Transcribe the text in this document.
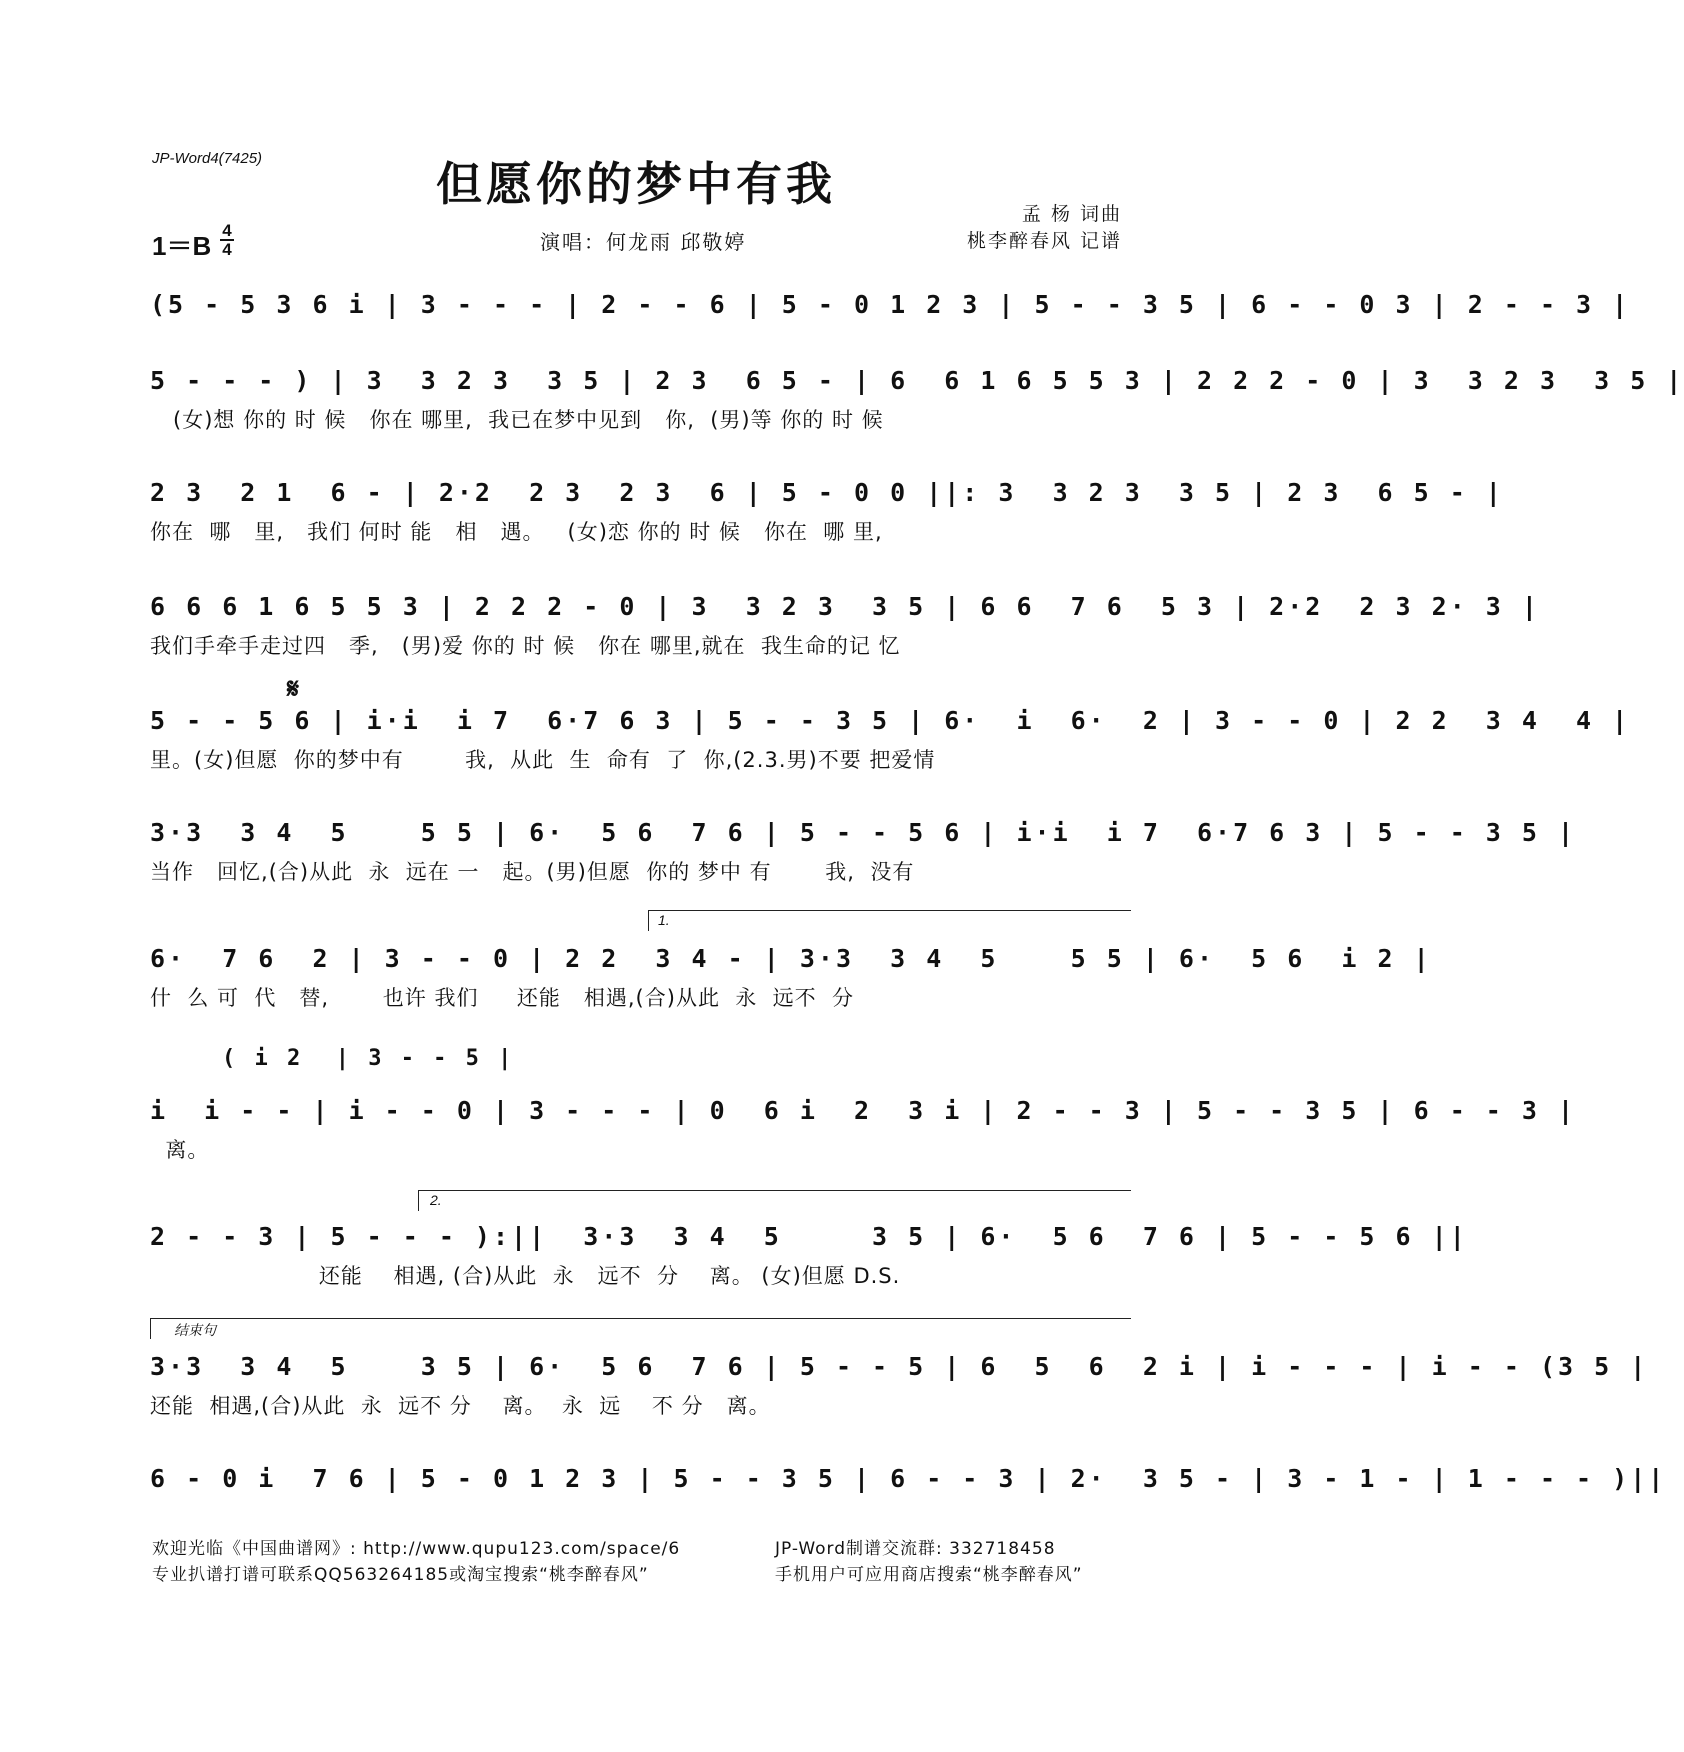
JP-Word4(7425)	但愿你的梦中有我
1＝B
4
4	演唱：何龙雨 邱敬婷
孟 杨 词曲
桃李醉春风 记谱
(5 - 5 3 6 i | 3 - - - | 2 - - 6 | 5 - 0 1 2 3 | 5 - - 3 5 | 6 - - 0 3 | 2 - - 3 |
5 - - - ) | 3  3 2 3  3 5 | 2 3  6 5 - | 6  6 1 6 5 5 3 | 2 2 2 - 0 | 3  3 2 3  3 5 |
(女)想 你的 时 候   你在 哪里,  我已在梦中见到   你,  (男)等 你的 时 候
2 3  2 1  6 - | 2·2  2 3  2 3  6 | 5 - 0 0 ||: 3  3 2 3  3 5 | 2 3  6 5 - |
你在  哪   里,   我们 何时 能   相   遇。   (女)恋 你的 时 候   你在  哪 里,
6 6 6 1 6 5 5 3 | 2 2 2 - 0 | 3  3 2 3  3 5 | 6 6  7 6  5 3 | 2·2  2 3 2· 3 |
我们手牵手走过四   季,   (男)爱 你的 时 候   你在 哪里,就在  我生命的记 忆
𝄋
5 - - 5 6 | i·i  i 7  6·7 6 3 | 5 - - 3 5 | 6·  i  6·  2 | 3 - - 0 | 2 2  3 4  4 |
里。(女)但愿  你的梦中有        我,  从此  生  命有  了  你,(2.3.男)不要 把爱情
3·3  3 4  5    5 5 | 6·  5 6  7 6 | 5 - - 5 6 | i·i  i 7  6·7 6 3 | 5 - - 3 5 |
当作   回忆,(合)从此  永  远在 一   起。(男)但愿  你的 梦中 有       我,  没有
1.
6·  7 6  2 | 3 - - 0 | 2 2  3 4 - | 3·3  3 4  5    5 5 | 6·  5 6  i 2 |
什  么 可  代   替,       也许 我们     还能   相遇,(合)从此  永  远不  分
( i 2  | 3 - - 5 |
i  i - - | i - - 0 | 3 - - - | 0  6 i  2  3 i | 2 - - 3 | 5 - - 3 5 | 6 - - 3 |
离。
2.
2 - - 3 | 5 - - - ):||  3·3  3 4  5     3 5 | 6·  5 6  7 6 | 5 - - 5 6 ||
还能    相遇, (合)从此  永   远不  分    离。 (女)但愿 D.S.
结束句
3·3  3 4  5    3 5 | 6·  5 6  7 6 | 5 - - 5 | 6  5  6  2 i | i - - - | i - - (3 5 |
还能  相遇,(合)从此  永  远不 分    离。  永  远    不 分   离。
6 - 0 i  7 6 | 5 - 0 1 2 3 | 5 - - 3 5 | 6 - - 3 | 2·  3 5 - | 3 - 1 - | 1 - - - )||
欢迎光临《中国曲谱网》: http://www.qupu123.com/space/6
专业扒谱打谱可联系QQ563264185或淘宝搜索“桃李醉春风”
JP-Word制谱交流群: 332718458
手机用户可应用商店搜索“桃李醉春风”
